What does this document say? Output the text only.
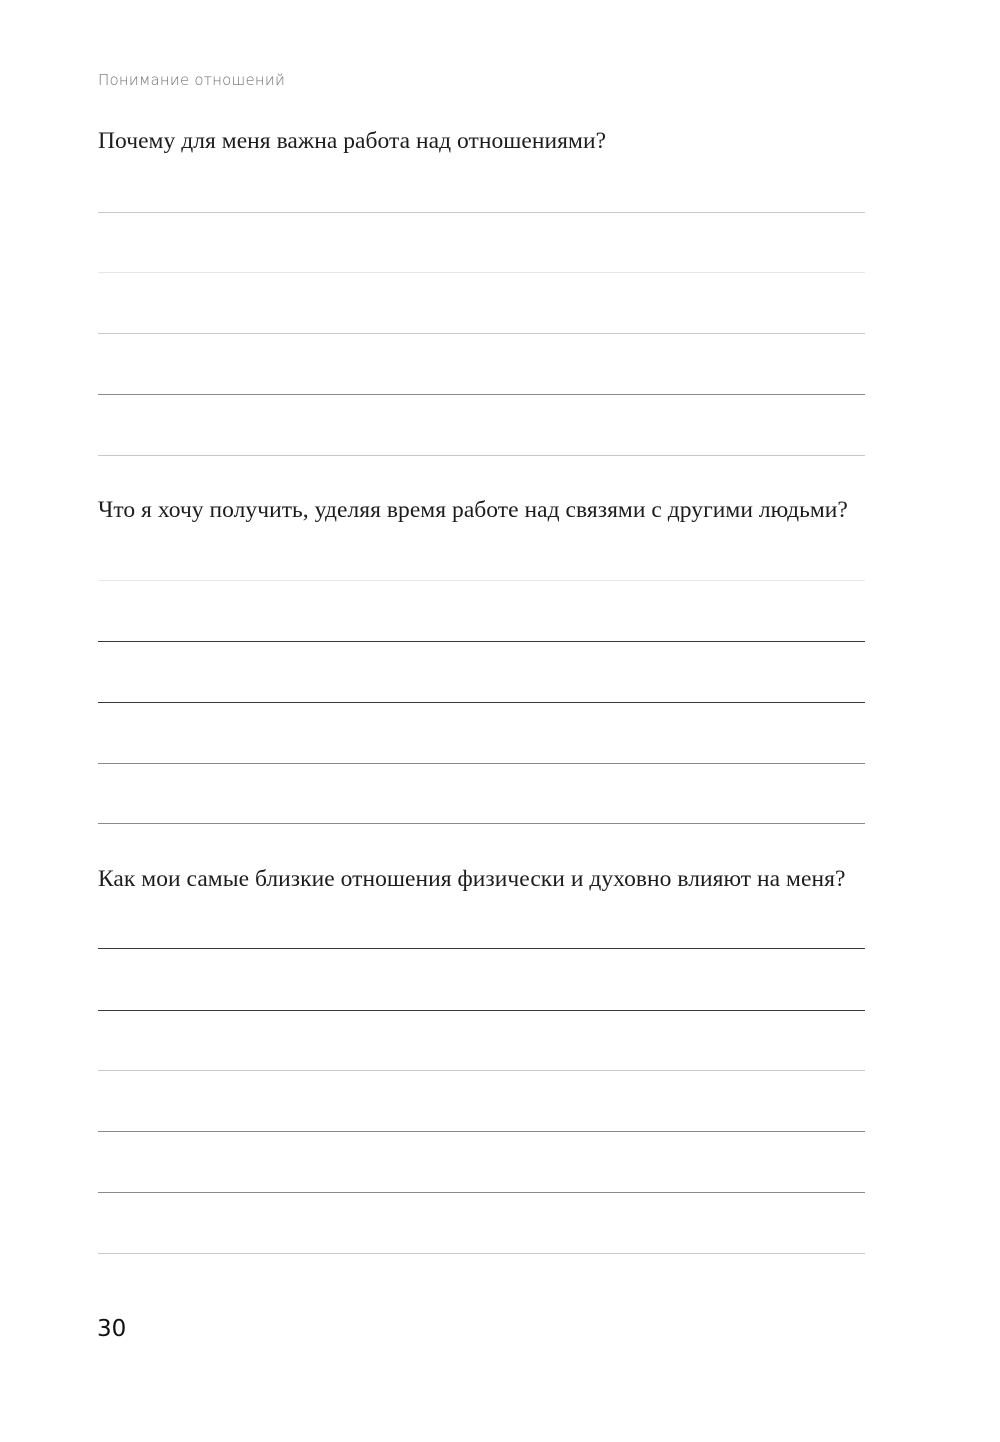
Понимание отношений
Почему для меня важна работа над отношениями?
Что я хочу получить, уделяя время работе над связями с другими людьми?
Как мои самые близкие отношения физически и духовно влияют на меня?
30
